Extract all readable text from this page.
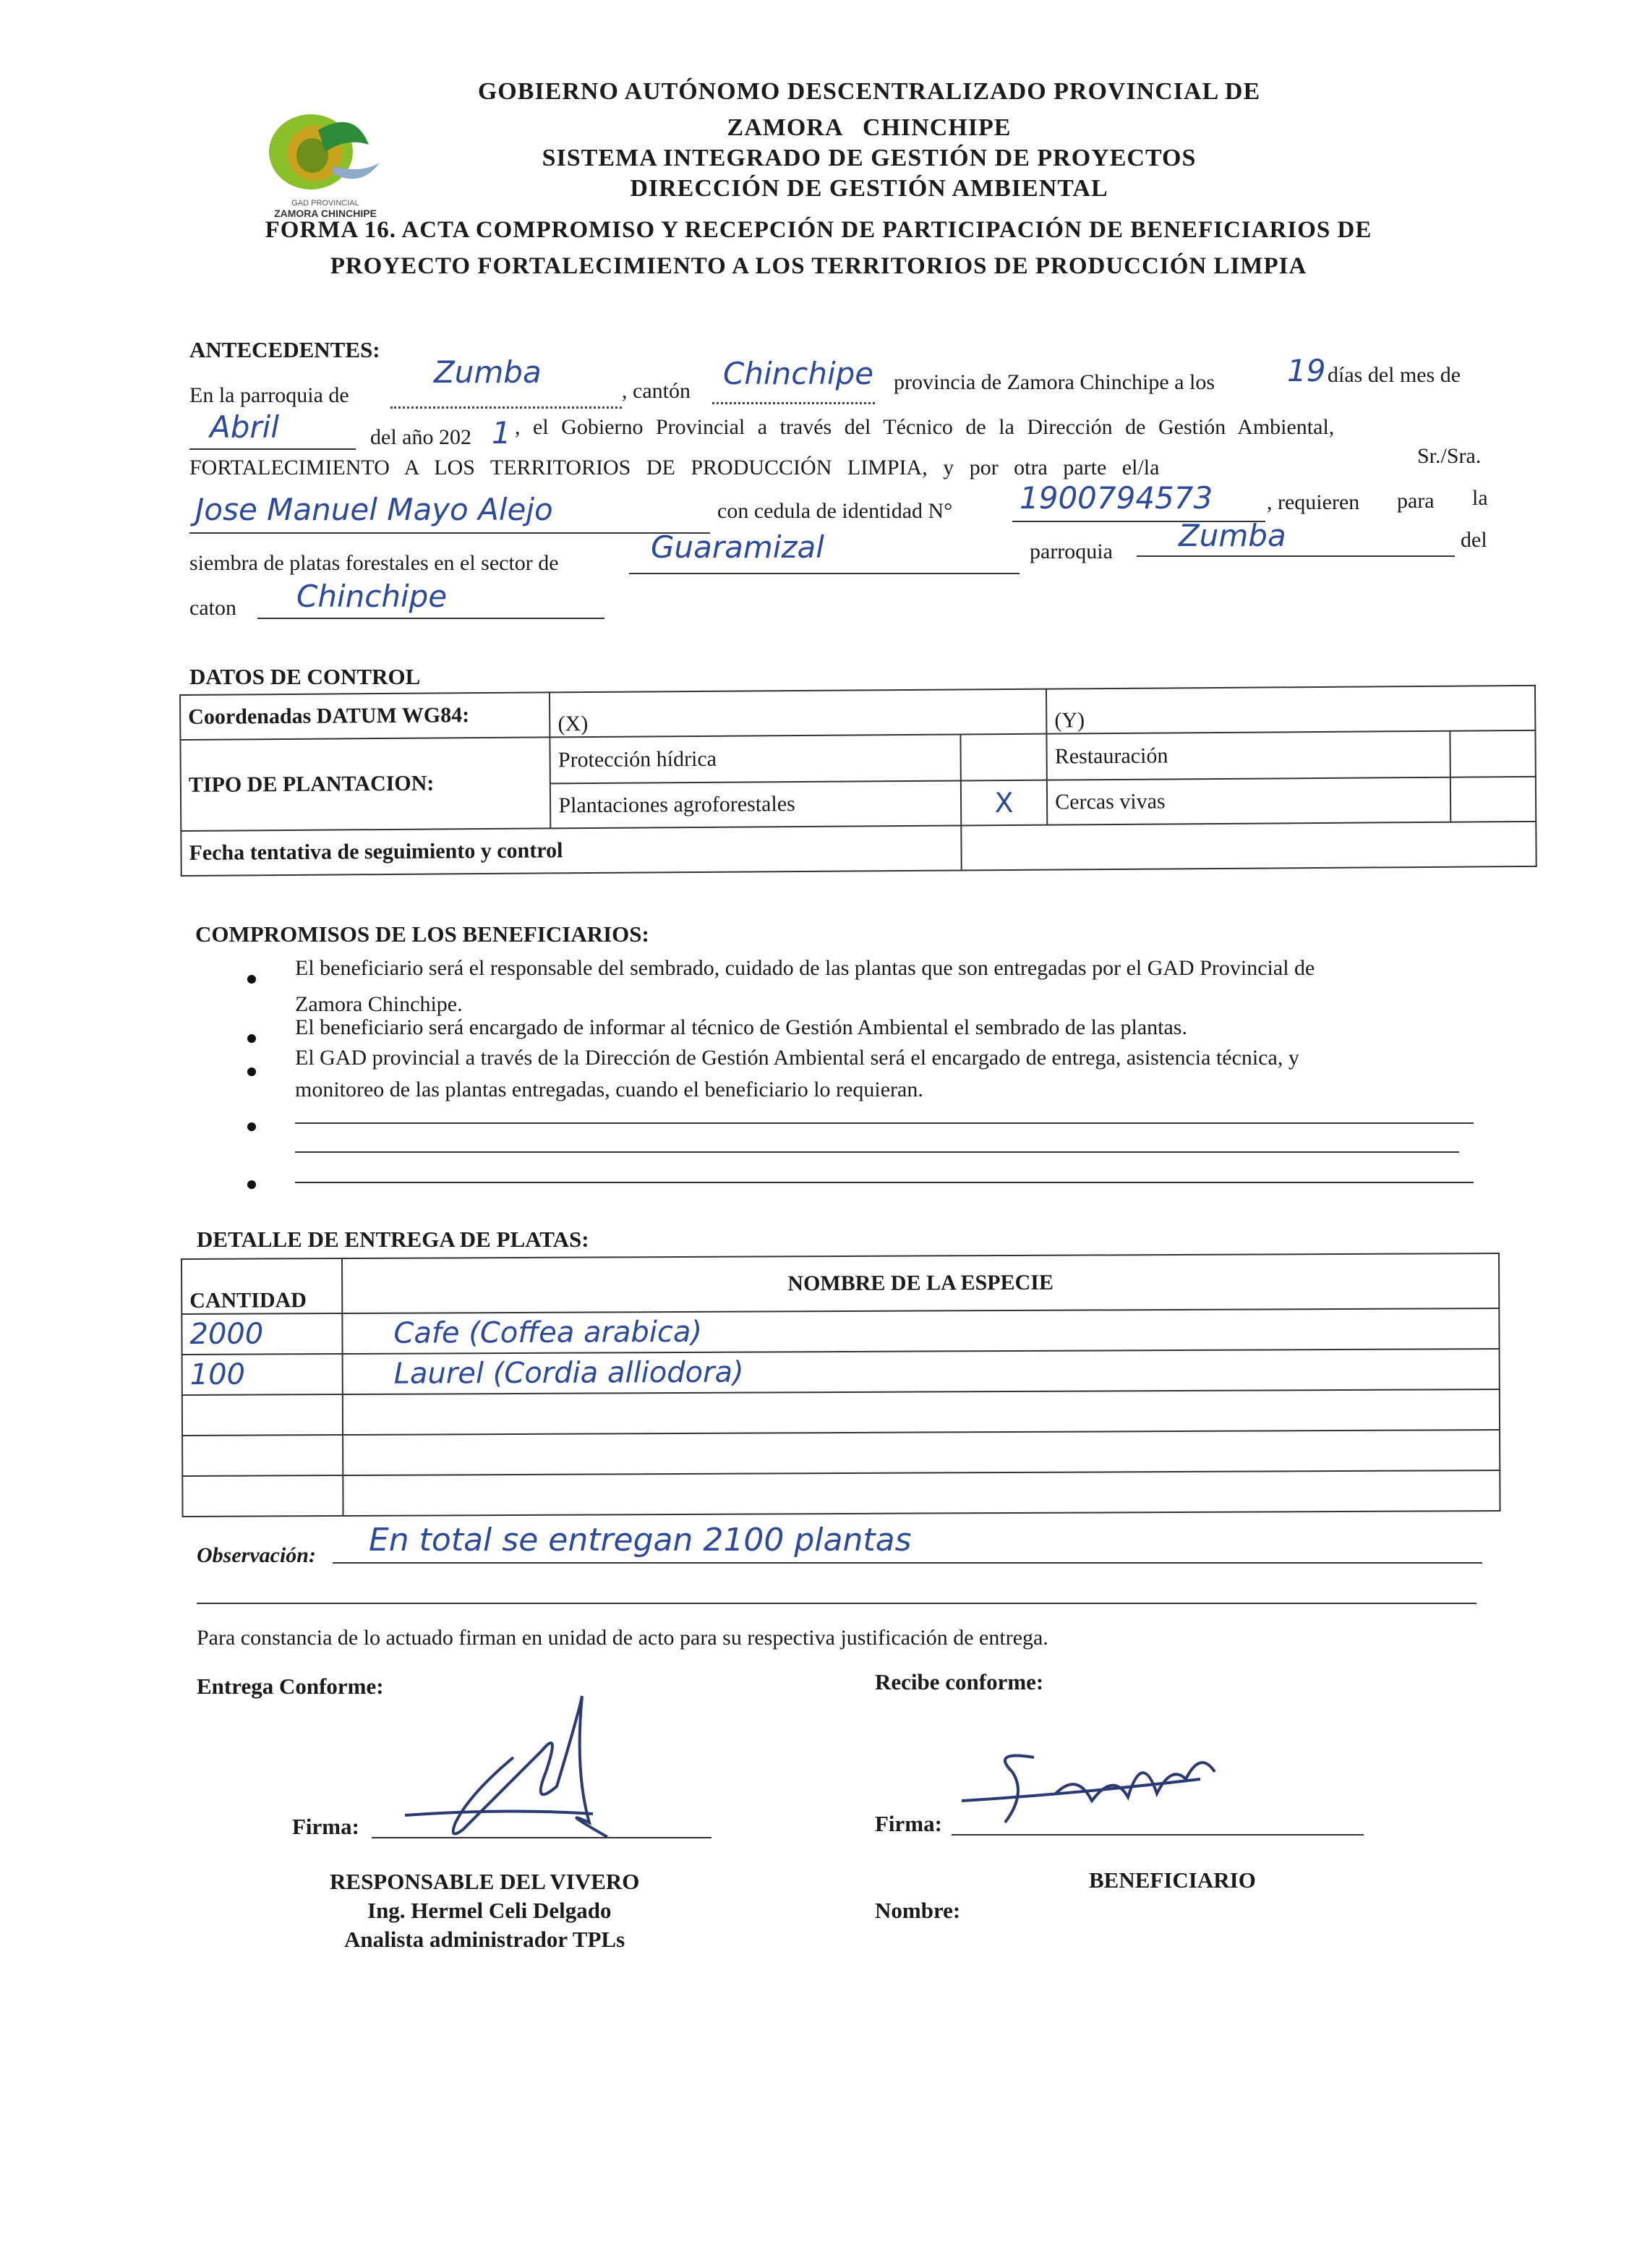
GAD PROVINCIAL
ZAMORA CHINCHIPE
GOBIERNO AUTÓNOMO DESCENTRALIZADO PROVINCIAL DE
ZAMORA   CHINCHIPE
SISTEMA INTEGRADO DE GESTIÓN DE PROYECTOS
DIRECCIÓN DE GESTIÓN AMBIENTAL
FORMA 16. ACTA COMPROMISO Y RECEPCIÓN DE PARTICIPACIÓN DE BENEFICIARIOS DE
PROYECTO FORTALECIMIENTO A LOS TERRITORIOS DE PRODUCCIÓN LIMPIA
ANTECEDENTES:
En la parroquia de
Zumba
, cantón Chinchipe provincia de Zamora Chinchipe a los 19 días del mes de
Abril	del año 202 1 , el Gobierno Provincial a través del Técnico de la Dirección de Gestión Ambiental,
FORTALECIMIENTO A LOS TERRITORIOS DE PRODUCCIÓN LIMPIA, y por otra parte el/la	Sr./Sra.
Jose Manuel Mayo Alejo	con cedula de identidad N° 1900794573 , requieren para la
siembra de platas forestales en el sector de	Guaramizal	parroquia Zumba	del
caton Chinchipe
DATOS DE CONTROL
Coordenadas DATUM WG84:	(X)		(Y)	
TIPO DE PLANTACION:	Protección hídrica		Restauración	
	Plantaciones agroforestales	X	Cercas vivas	
Fecha tentativa de seguimiento y control				
COMPROMISOS DE LOS BENEFICIARIOS:
El beneficiario será el responsable del sembrado, cuidado de las plantas que son entregadas por el GAD Provincial de
Zamora Chinchipe.
El beneficiario será encargado de informar al técnico de Gestión Ambiental el sembrado de las plantas.
El GAD provincial a través de la Dirección de Gestión Ambiental será el encargado de entrega, asistencia técnica, y
monitoreo de las plantas entregadas, cuando el beneficiario lo requieran.
DETALLE DE ENTREGA DE PLATAS:
CANTIDAD	NOMBRE DE LA ESPECIE
2000	Cafe (Coffea arabica)
100	Laurel (Cordia alliodora)

Observación: En total se entregan 2100 plantas
Para constancia de lo actuado firman en unidad de acto para su respectiva justificación de entrega.
Entrega Conforme:	Recibe conforme:
Firma:	Firma:
RESPONSABLE DEL VIVERO
Ing. Hermel Celi Delgado
Analista administrador TPLs
BENEFICIARIO
Nombre:
